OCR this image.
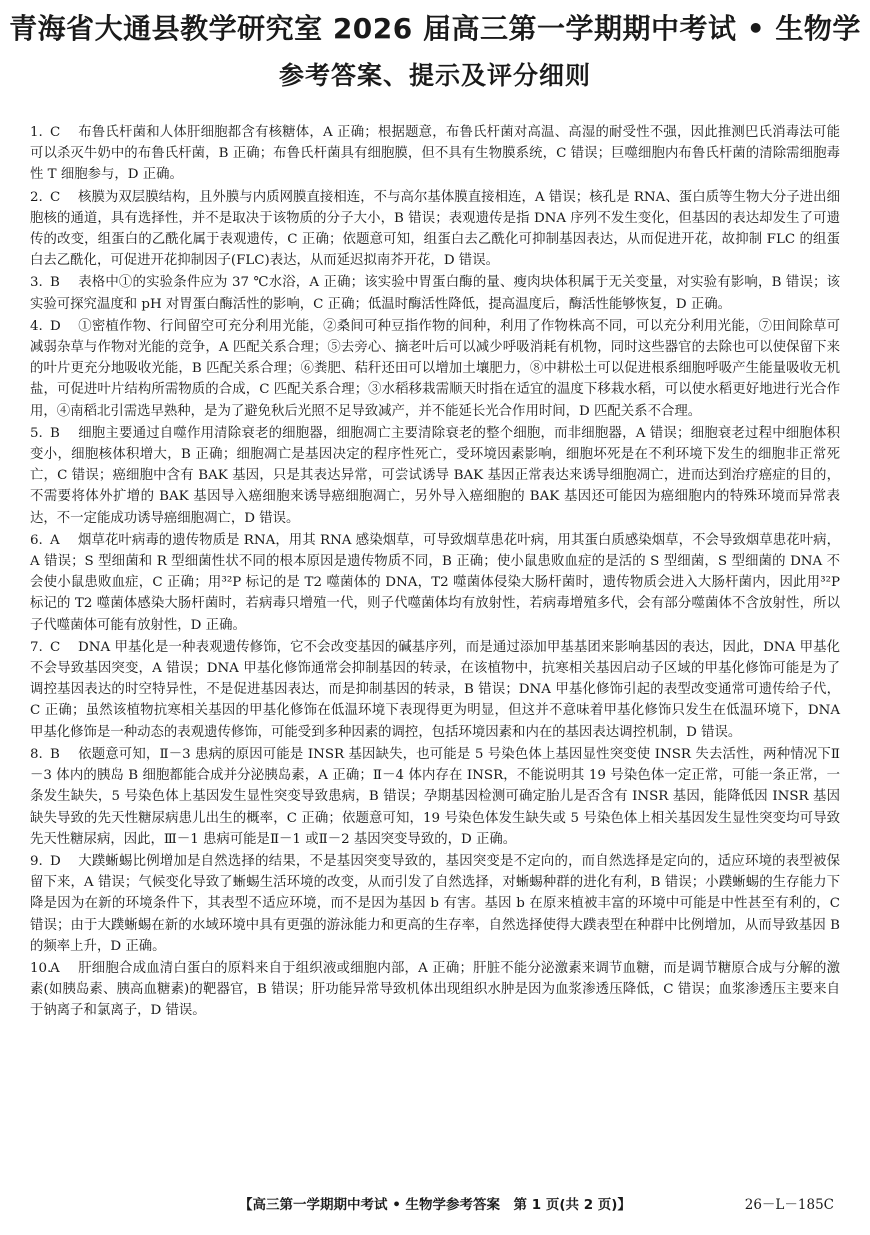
青海省大通县教学研究室 2026 届高三第一学期期中考试 • 生物学
参考答案、提示及评分细则

1. C 布鲁氏杆菌和人体肝细胞都含有核糖体，A 正确；根据题意，布鲁氏杆菌对高温、高湿的耐受性不强，因此推测巴氏消毒法可能可以杀灭牛奶中的布鲁氏杆菌，B 正确；布鲁氏杆菌具有细胞膜，但不具有生物膜系统，C 错误；巨噬细胞内布鲁氏杆菌的清除需细胞毒性 T 细胞参与，D 正确。

2. C 核膜为双层膜结构，且外膜与内质网膜直接相连，不与高尔基体膜直接相连，A 错误；核孔是 RNA、蛋白质等生物大分子进出细胞核的通道，具有选择性，并不是取决于该物质的分子大小，B 错误；表观遗传是指 DNA 序列不发生变化，但基因的表达却发生了可遗传的改变，组蛋白的乙酰化属于表观遗传，C 正确；依题意可知，组蛋白去乙酰化可抑制基因表达，从而促进开花，故抑制 FLC 的组蛋白去乙酰化，可促进开花抑制因子(FLC)表达，从而延迟拟南芥开花，D 错误。

3. B 表格中①的实验条件应为 37 ℃水浴，A 正确；该实验中胃蛋白酶的量、瘦肉块体积属于无关变量，对实验有影响，B 错误；该实验可探究温度和 pH 对胃蛋白酶活性的影响，C 正确；低温时酶活性降低，提高温度后，酶活性能够恢复，D 正确。

4. D ①密植作物、行间留空可充分利用光能，②桑间可种豆指作物的间种，利用了作物株高不同，可以充分利用光能，⑦田间除草可减弱杂草与作物对光能的竞争，A 匹配关系合理；⑤去旁心、摘老叶后可以减少呼吸消耗有机物，同时这些器官的去除也可以使保留下来的叶片更充分地吸收光能，B 匹配关系合理；⑥粪肥、秸秆还田可以增加土壤肥力，⑧中耕松土可以促进根系细胞呼吸产生能量吸收无机盐，可促进叶片结构所需物质的合成，C 匹配关系合理；③水稻移栽需顺天时指在适宜的温度下移栽水稻，可以使水稻更好地进行光合作用，④南稻北引需选早熟种，是为了避免秋后光照不足导致减产，并不能延长光合作用时间，D 匹配关系不合理。

5. B 细胞主要通过自噬作用清除衰老的细胞器，细胞凋亡主要清除衰老的整个细胞，而非细胞器，A 错误；细胞衰老过程中细胞体积变小，细胞核体积增大，B 正确；细胞凋亡是基因决定的程序性死亡，受环境因素影响，细胞坏死是在不利环境下发生的细胞非正常死亡，C 错误；癌细胞中含有 BAK 基因，只是其表达异常，可尝试诱导 BAK 基因正常表达来诱导细胞凋亡，进而达到治疗癌症的目的，不需要将体外扩增的 BAK 基因导入癌细胞来诱导癌细胞凋亡，另外导入癌细胞的 BAK 基因还可能因为癌细胞内的特殊环境而异常表达，不一定能成功诱导癌细胞凋亡，D 错误。

6. A 烟草花叶病毒的遗传物质是 RNA，用其 RNA 感染烟草，可导致烟草患花叶病，用其蛋白质感染烟草，不会导致烟草患花叶病，A 错误；S 型细菌和 R 型细菌性状不同的根本原因是遗传物质不同，B 正确；使小鼠患败血症的是活的 S 型细菌，S 型细菌的 DNA 不会使小鼠患败血症，C 正确；用³²P 标记的是 T2 噬菌体的 DNA，T2 噬菌体侵染大肠杆菌时，遗传物质会进入大肠杆菌内，因此用³²P 标记的 T2 噬菌体感染大肠杆菌时，若病毒只增殖一代，则子代噬菌体均有放射性，若病毒增殖多代，会有部分噬菌体不含放射性，所以子代噬菌体可能有放射性，D 正确。

7. C DNA 甲基化是一种表观遗传修饰，它不会改变基因的碱基序列，而是通过添加甲基基团来影响基因的表达，因此，DNA 甲基化不会导致基因突变，A 错误；DNA 甲基化修饰通常会抑制基因的转录，在该植物中，抗寒相关基因启动子区域的甲基化修饰可能是为了调控基因表达的时空特异性，不是促进基因表达，而是抑制基因的转录，B 错误；DNA 甲基化修饰引起的表型改变通常可遗传给子代，C 正确；虽然该植物抗寒相关基因的甲基化修饰在低温环境下表现得更为明显，但这并不意味着甲基化修饰只发生在低温环境下，DNA 甲基化修饰是一种动态的表观遗传修饰，可能受到多种因素的调控，包括环境因素和内在的基因表达调控机制，D 错误。

8. B 依题意可知，Ⅱ－3 患病的原因可能是 INSR 基因缺失，也可能是 5 号染色体上基因显性突变使 INSR 失去活性，两种情况下Ⅱ－3 体内的胰岛 B 细胞都能合成并分泌胰岛素，A 正确；Ⅱ－4 体内存在 INSR，不能说明其 19 号染色体一定正常，可能一条正常，一条发生缺失，5 号染色体上基因发生显性突变导致患病，B 错误；孕期基因检测可确定胎儿是否含有 INSR 基因，能降低因 INSR 基因缺失导致的先天性糖尿病患儿出生的概率，C 正确；依题意可知，19 号染色体发生缺失或 5 号染色体上相关基因发生显性突变均可导致先天性糖尿病，因此，Ⅲ－1 患病可能是Ⅱ－1 或Ⅱ－2 基因突变导致的，D 正确。

9. D 大蹼蜥蜴比例增加是自然选择的结果，不是基因突变导致的，基因突变是不定向的，而自然选择是定向的，适应环境的表型被保留下来，A 错误；气候变化导致了蜥蜴生活环境的改变，从而引发了自然选择，对蜥蜴种群的进化有利，B 错误；小蹼蜥蜴的生存能力下降是因为在新的环境条件下，其表型不适应环境，而不是因为基因 b 有害。基因 b 在原来植被丰富的环境中可能是中性甚至有利的，C 错误；由于大蹼蜥蜴在新的水域环境中具有更强的游泳能力和更高的生存率，自然选择使得大蹼表型在种群中比例增加，从而导致基因 B 的频率上升，D 正确。

10.A 肝细胞合成血清白蛋白的原料来自于组织液或细胞内部，A 正确；肝脏不能分泌激素来调节血糖，而是调节糖原合成与分解的激素(如胰岛素、胰高血糖素)的靶器官，B 错误；肝功能异常导致机体出现组织水肿是因为血浆渗透压降低，C 错误；血浆渗透压主要来自于钠离子和氯离子，D 错误。

【高三第一学期期中考试 • 生物学参考答案　第 1 页(共 2 页)】	26－L－185C
